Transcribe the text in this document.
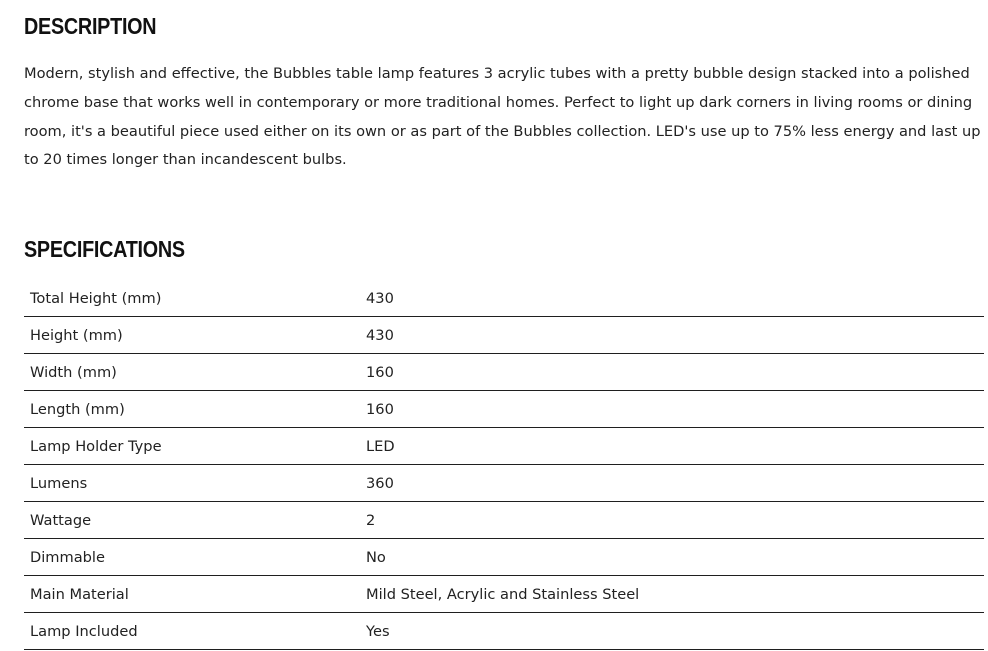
DESCRIPTION

Modern, stylish and effective, the Bubbles table lamp features 3 acrylic tubes with a pretty bubble design stacked into a polished chrome base that works well in contemporary or more traditional homes. Perfect to light up dark corners in living rooms or dining room, it's a beautiful piece used either on its own or as part of the Bubbles collection. LED's use up to 75% less energy and last up to 20 times longer than incandescent bulbs.

SPECIFICATIONS
Total Height (mm)	430
Height (mm)	430
Width (mm)	160
Length (mm)	160
Lamp Holder Type	LED
Lumens	360
Wattage	2
Dimmable	No
Main Material	Mild Steel, Acrylic and Stainless Steel
Lamp Included	Yes
